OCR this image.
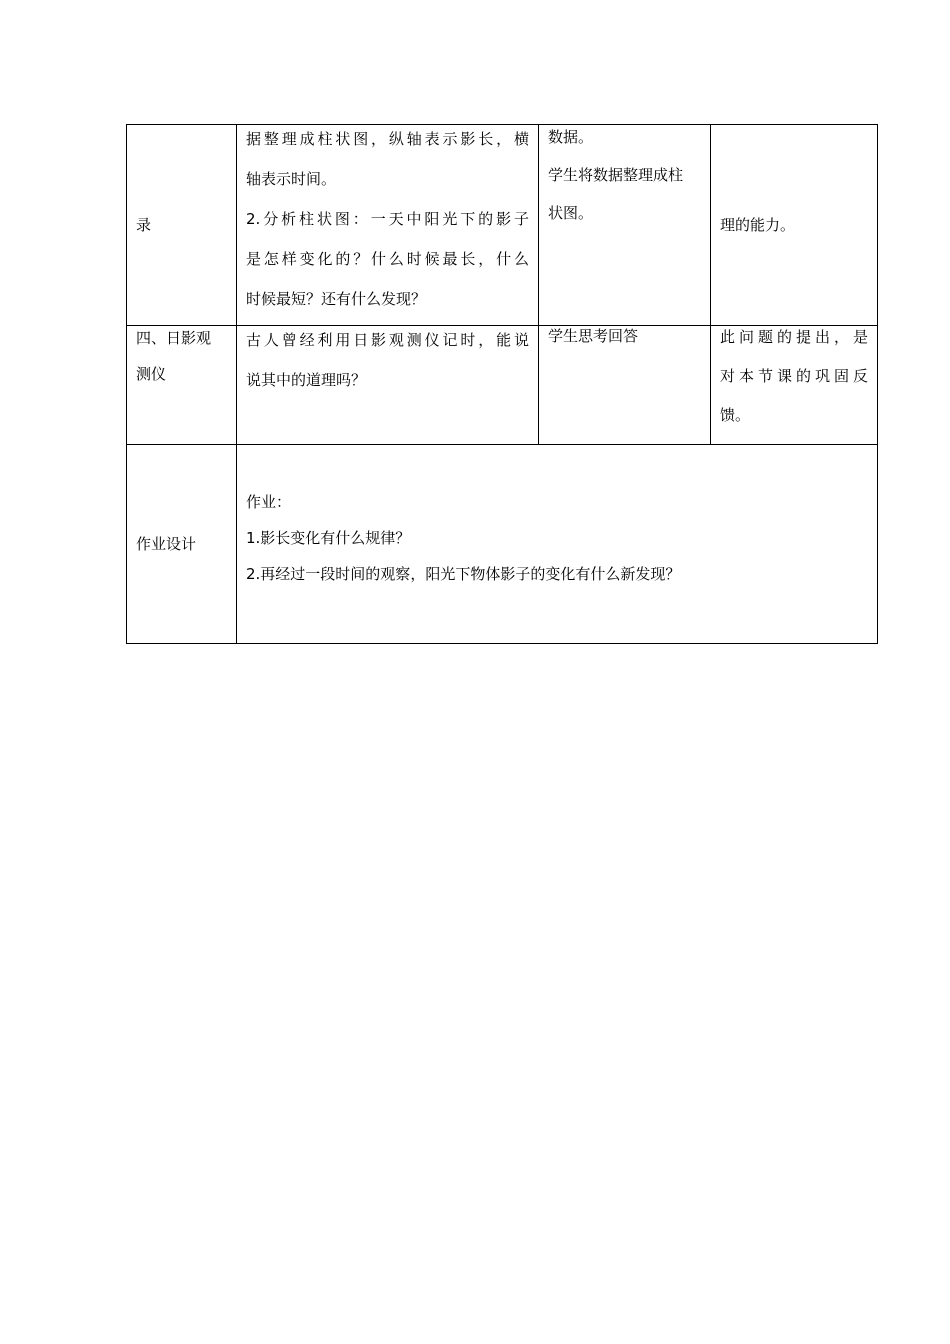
录	据整理成柱状图，纵轴表示影长，横
轴表示时间。
2.分析柱状图：一天中阳光下的影子
是怎样变化的？什么时候最长，什么
时候最短？还有什么发现？	数据。
学生将数据整理成柱
状图。	理的能力。

四、日影观
测仪	古人曾经利用日影观测仪记时，能说
说其中的道理吗？	学生思考回答	此问题的提出，是
对本节课的巩固反
馈。

作业设计	作业：
1.影长变化有什么规律？
2.再经过一段时间的观察，阳光下物体影子的变化有什么新发现？		
